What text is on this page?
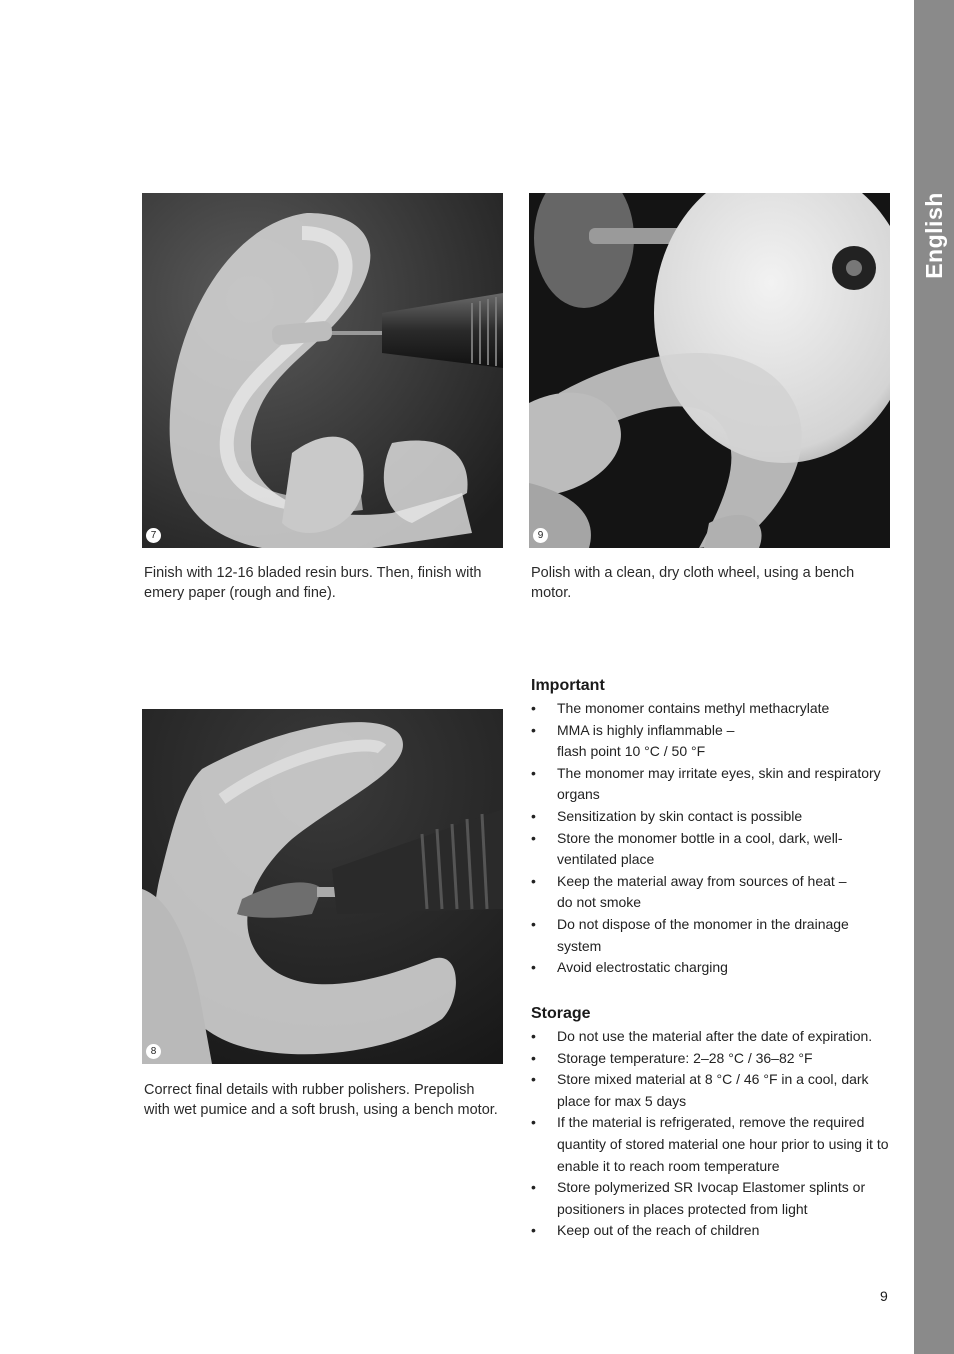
English
7	9
8

Finish with 12-16 bladed resin burs. Then, finish with emery paper (rough and fine).

Polish with a clean, dry cloth wheel, using a bench motor.

Correct final details with rubber polishers. Prepolish with wet pumice and a soft brush, using a bench motor.

Important
• The monomer contains methyl methacrylate
• MMA is highly inflammable – flash point 10 °C / 50 °F
• The monomer may irritate eyes, skin and respiratory organs
• Sensitization by skin contact is possible
• Store the monomer bottle in a cool, dark, well-ventilated place
• Keep the material away from sources of heat – do not smoke
• Do not dispose of the monomer in the drainage system
• Avoid electrostatic charging
Storage
• Do not use the material after the date of expiration.
• Storage temperature: 2–28 °C / 36–82 °F
• Store mixed material at 8 °C / 46 °F in a cool, dark place for max 5 days
• If the material is refrigerated, remove the required quantity of stored material one hour prior to using it to enable it to reach room temperature
• Store polymerized SR Ivocap Elastomer splints or positioners in places protected from light
• Keep out of the reach of children
9
